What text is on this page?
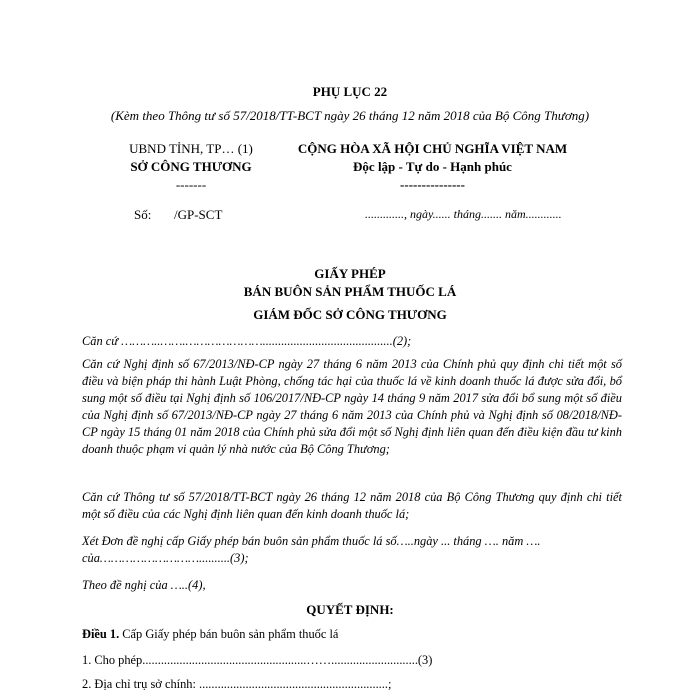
PHỤ LỤC 22
(Kèm theo Thông tư số 57/2018/TT-BCT ngày 26 tháng 12 năm 2018 của Bộ Công Thương)
UBND TỈNH, TP… (1)
SỞ CÔNG THƯƠNG
-------
CỘNG HÒA XÃ HỘI CHỦ NGHĨA VIỆT NAM
Độc lập - Tự do - Hạnh phúc
---------------
Số: /GP-SCT	............., ngày...... tháng....... năm............
GIẤY PHÉP
BÁN BUÔN SẢN PHẨM THUỐC LÁ
GIÁM ĐỐC SỞ CÔNG THƯƠNG
Căn cứ ………..…….…………………..........................................(2);
Căn cứ Nghị định số 67/2013/NĐ-CP ngày 27 tháng 6 năm 2013 của Chính phủ quy định chi tiết một số điều và biện pháp thi hành Luật Phòng, chống tác hại của thuốc lá về kinh doanh thuốc lá được sửa đổi, bổ sung một số điều tại Nghị định số 106/2017/NĐ-CP ngày 14 tháng 9 năm 2017 sửa đổi bổ sung một số điều của Nghị định số 67/2013/NĐ-CP ngày 27 tháng 6 năm 2013 của Chính phủ và Nghị định số 08/2018/NĐ-CP ngày 15 tháng 01 năm 2018 của Chính phủ sửa đổi một số Nghị định liên quan đến điều kiện đầu tư kinh doanh thuộc phạm vi quản lý nhà nước của Bộ Công Thương;
Căn cứ Thông tư số 57/2018/TT-BCT ngày 26 tháng 12 năm 2018 của Bộ Công Thương quy định chi tiết một số điều của các Nghị định liên quan đến kinh doanh thuốc lá;
Xét Đơn đề nghị cấp Giấy phép bán buôn sản phẩm thuốc lá số…..ngày ... tháng …. năm ….
của………………………..........(3);
Theo đề nghị của …..(4),
QUYẾT ĐỊNH:
Điều 1. Cấp Giấy phép bán buôn sản phẩm thuốc lá
1. Cho phép.....................................................……............................(3)
2. Địa chỉ trụ sở chính: .............................................................;
